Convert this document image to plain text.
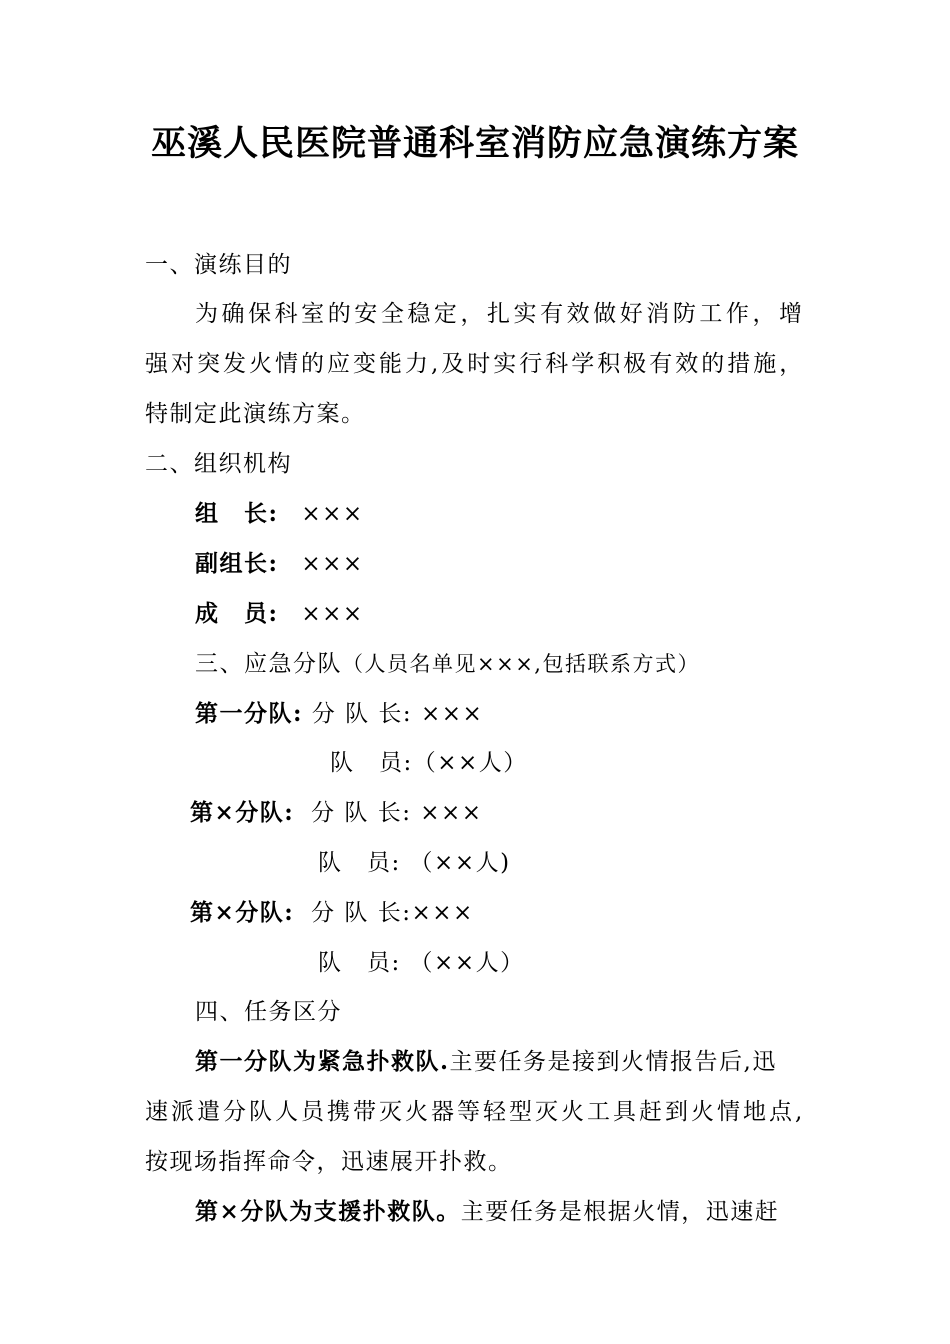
巫溪人民医院普通科室消防应急演练方案
一、演练目的
为确保科室的安全稳定，扎实有效做好消防工作，增
强对突发火情的应变能力,及时实行科学积极有效的措施，
特制定此演练方案。
二、组织机构
组　长: ×××
副组长: ×××
成　员: ×××
三、应急分队（人员名单见×××,包括联系方式）
第一分队: 分 队 长: ×××
队　员:（××人）
第×分队: 分 队 长: ×××
队　员: （××人)
第×分队: 分 队 长:×××
队　员: （××人）
四、任务区分
第一分队为紧急扑救队.主要任务是接到火情报告后,迅
速派遣分队人员携带灭火器等轻型灭火工具赶到火情地点,
按现场指挥命令，迅速展开扑救。
第×分队为支援扑救队。主要任务是根据火情，迅速赶
